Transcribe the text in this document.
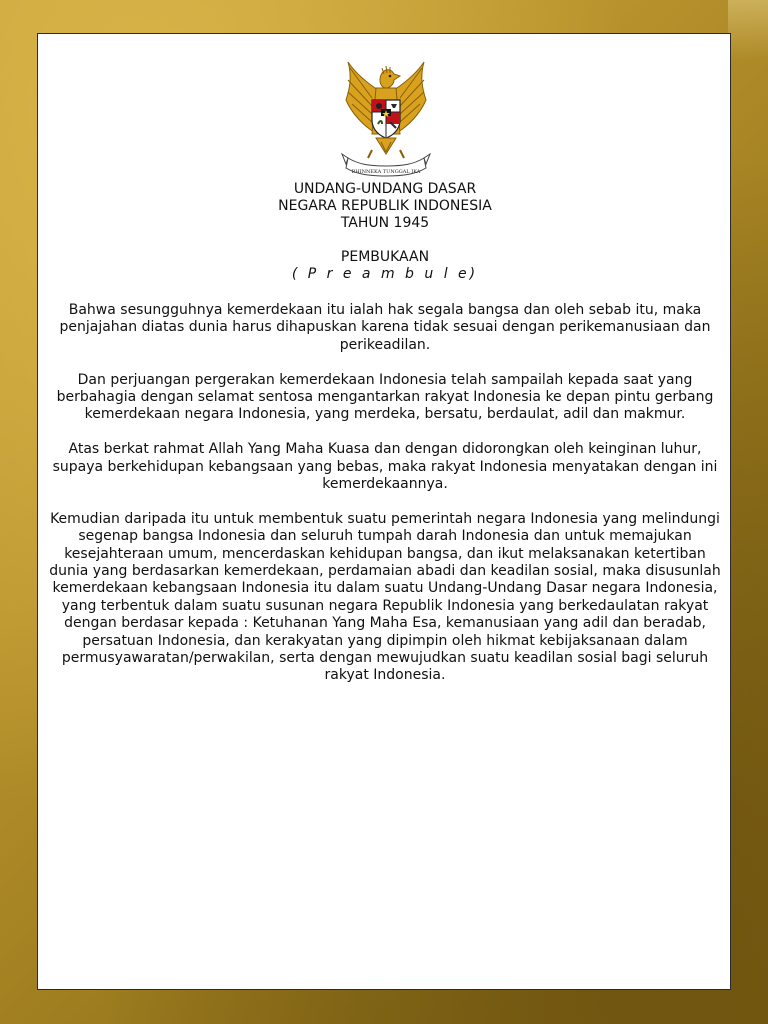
BHINNEKA TUNGGAL IKA
UNDANG-UNDANG DASAR
NEGARA REPUBLIK INDONESIA
TAHUN 1945
PEMBUKAAN
( P r e a m b u l e)

Bahwa sesungguhnya kemerdekaan itu ialah hak segala bangsa dan oleh sebab itu, maka penjajahan diatas dunia harus dihapuskan karena tidak sesuai dengan perikemanusiaan dan perikeadilan.

Dan perjuangan pergerakan kemerdekaan Indonesia telah sampailah kepada saat yang berbahagia dengan selamat sentosa mengantarkan rakyat Indonesia ke depan pintu gerbang kemerdekaan negara Indonesia, yang merdeka, bersatu, berdaulat, adil dan makmur.

Atas berkat rahmat Allah Yang Maha Kuasa dan dengan didorongkan oleh keinginan luhur, supaya berkehidupan kebangsaan yang bebas, maka rakyat Indonesia menyatakan dengan ini kemerdekaannya.

Kemudian daripada itu untuk membentuk suatu pemerintah negara Indonesia yang melindungi segenap bangsa Indonesia dan seluruh tumpah darah Indonesia dan untuk memajukan kesejahteraan umum, mencerdaskan kehidupan bangsa, dan ikut melaksanakan ketertiban dunia yang berdasarkan kemerdekaan, perdamaian abadi dan keadilan sosial, maka disusunlah kemerdekaan kebangsaan Indonesia itu dalam suatu Undang-Undang Dasar negara Indonesia, yang terbentuk dalam suatu susunan negara Republik Indonesia yang berkedaulatan rakyat dengan berdasar kepada : Ketuhanan Yang Maha Esa, kemanusiaan yang adil dan beradab, persatuan Indonesia, dan kerakyatan yang dipimpin oleh hikmat kebijaksanaan dalam permusyawaratan/perwakilan, serta dengan mewujudkan suatu keadilan sosial bagi seluruh rakyat Indonesia.
